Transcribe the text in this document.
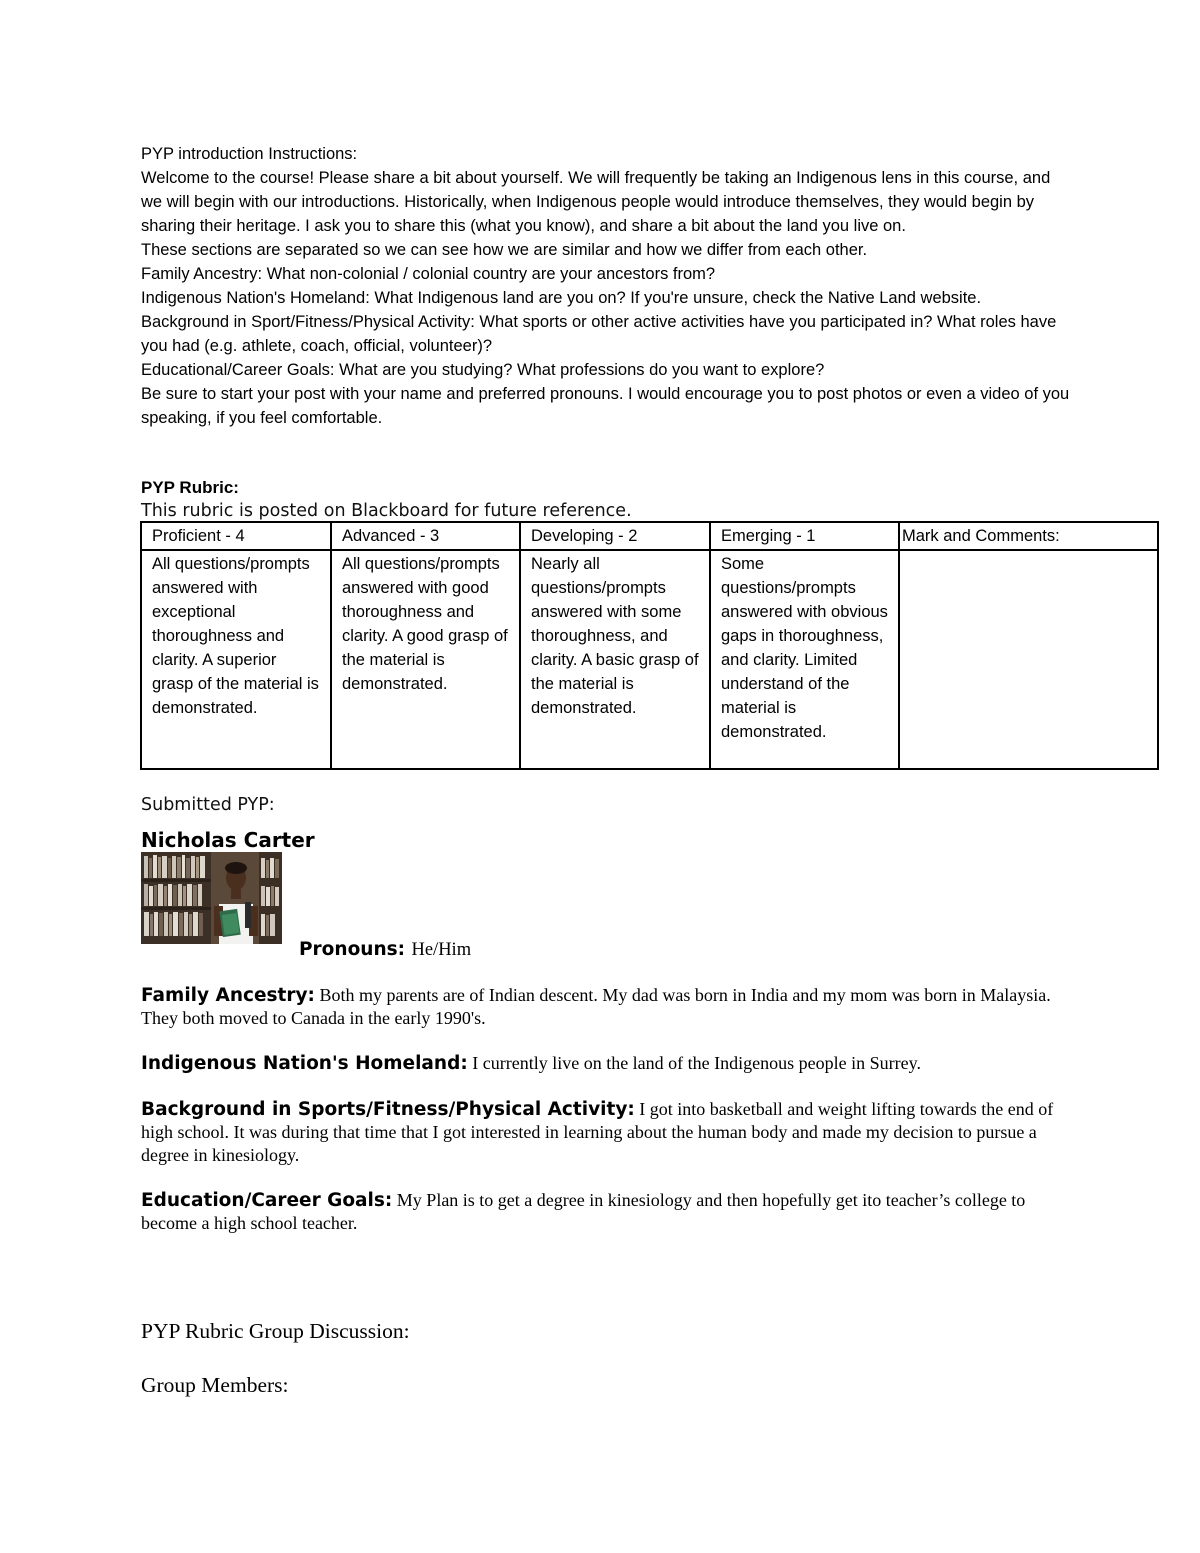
PYP introduction Instructions:

Welcome to the course! Please share a bit about yourself. We will frequently be taking an Indigenous lens in this course, and we will begin with our introductions. Historically, when Indigenous people would introduce themselves, they would begin by sharing their heritage. I ask you to share this (what you know), and share a bit about the land you live on.

These sections are separated so we can see how we are similar and how we differ from each other.

Family Ancestry: What non-colonial / colonial country are your ancestors from?

Indigenous Nation's Homeland: What Indigenous land are you on? If you're unsure, check the Native Land website.

Background in Sport/Fitness/Physical Activity: What sports or other active activities have you participated in? What roles have you had (e.g. athlete, coach, official, volunteer)?

Educational/Career Goals: What are you studying? What professions do you want to explore?

Be sure to start your post with your name and preferred pronouns. I would encourage you to post photos or even a video of you speaking, if you feel comfortable.

PYP Rubric:
This rubric is posted on Blackboard for future reference.
Proficient - 4	Advanced - 3	Developing - 2	Emerging - 1	Mark and Comments:
All questions/prompts answered with exceptional thoroughness and clarity. A superior grasp of the material is demonstrated.	All questions/prompts answered with good thoroughness and clarity. A good grasp of the material is demonstrated.	Nearly all questions/prompts answered with some thoroughness, and clarity. A basic grasp of the material is demonstrated.	Some questions/prompts answered with obvious gaps in thoroughness, and clarity. Limited understand of the material is demonstrated.	
Submitted PYP:
Nicholas Carter
Pronouns: He/Him
Family Ancestry: Both my parents are of Indian descent. My dad was born in India and my mom was born in Malaysia. They both moved to Canada in the early 1990's.
Indigenous Nation's Homeland: I currently live on the land of the Indigenous people in Surrey.
Background in Sports/Fitness/Physical Activity: I got into basketball and weight lifting towards the end of high school. It was during that time that I got interested in learning about the human body and made my decision to pursue a degree in kinesiology.
Education/Career Goals: My Plan is to get a degree in kinesiology and then hopefully get ito teacher’s college to become a high school teacher.
PYP Rubric Group Discussion:
Group Members:
